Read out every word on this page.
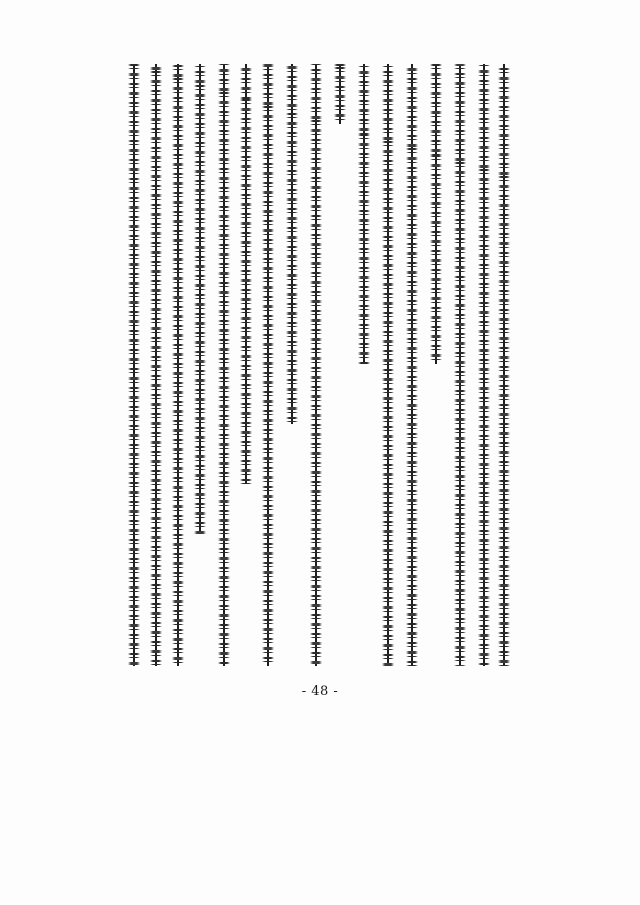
- 48 -
